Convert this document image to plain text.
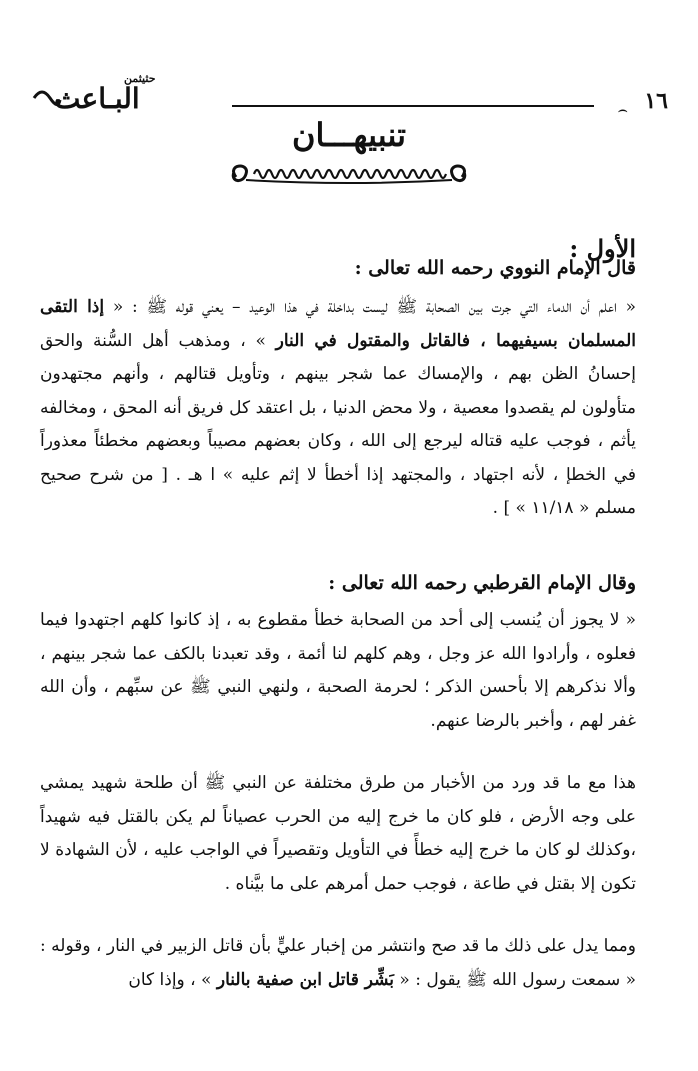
١٦
⌢
حثيثمن
البـاعث
تنبيهـــان
الأول :
قال الإمام النووي رحمه الله تعالى :

« اعلم أن الدماء التي جرت بين الصحابة ﷺ ليست بداخلة في هذا الوعيد – يعني قوله ﷺ : « إذا التقى المسلمان بسيفيهما ، فالقاتل والمقتول في النار » ، ومذهب أهل السُّنة والحق إحسانُ الظن بهم ، والإمساك عما شجر بينهم ، وتأويل قتالهم ، وأنهم مجتهدون متأولون لم يقصدوا معصية ، ولا محض الدنيا ، بل اعتقد كل فريق أنه المحق ، ومخالفه يأثم ، فوجب عليه قتاله ليرجع إلى الله ، وكان بعضهم مصيباً وبعضهم مخطئاً معذوراً في الخطإ ، لأنه اجتهاد ، والمجتهد إذا أخطأ لا إثم عليه » ا هـ . [ من شرح صحيح مسلم « ١١/١٨ » ] .

وقال الإمام القرطبي رحمه الله تعالى :

« لا يجوز أن يُنسب إلى أحد من الصحابة خطأ مقطوع به ، إذ كانوا كلهم اجتهدوا فيما فعلوه ، وأرادوا الله عز وجل ، وهم كلهم لنا أئمة ، وقد تعبدنا بالكف عما شجر بينهم ، وألا نذكرهم إلا بأحسن الذكر ؛ لحرمة الصحبة ، ولنهي النبي ﷺ عن سبِّهم ، وأن الله غفر لهم ، وأخبر بالرضا عنهم.

هذا مع ما قد ورد من الأخبار من طرق مختلفة عن النبي ﷺ أن طلحة شهيد يمشي على وجه الأرض ، فلو كان ما خرج إليه من الحرب عصياناً لم يكن بالقتل فيه شهيداً ،وكذلك لو كان ما خرج إليه خطأً في التأويل وتقصيراً في الواجب عليه ، لأن الشهادة لا تكون إلا بقتل في طاعة ، فوجب حمل أمرهم على ما بيَّناه .

ومما يدل على ذلك ما قد صح وانتشر من إخبار عليٍّ بأن قاتل الزبير في النار ، وقوله : « سمعت رسول الله ﷺ يقول : « بَشِّر قاتل ابن صفية بالنار » ، وإذا كان
